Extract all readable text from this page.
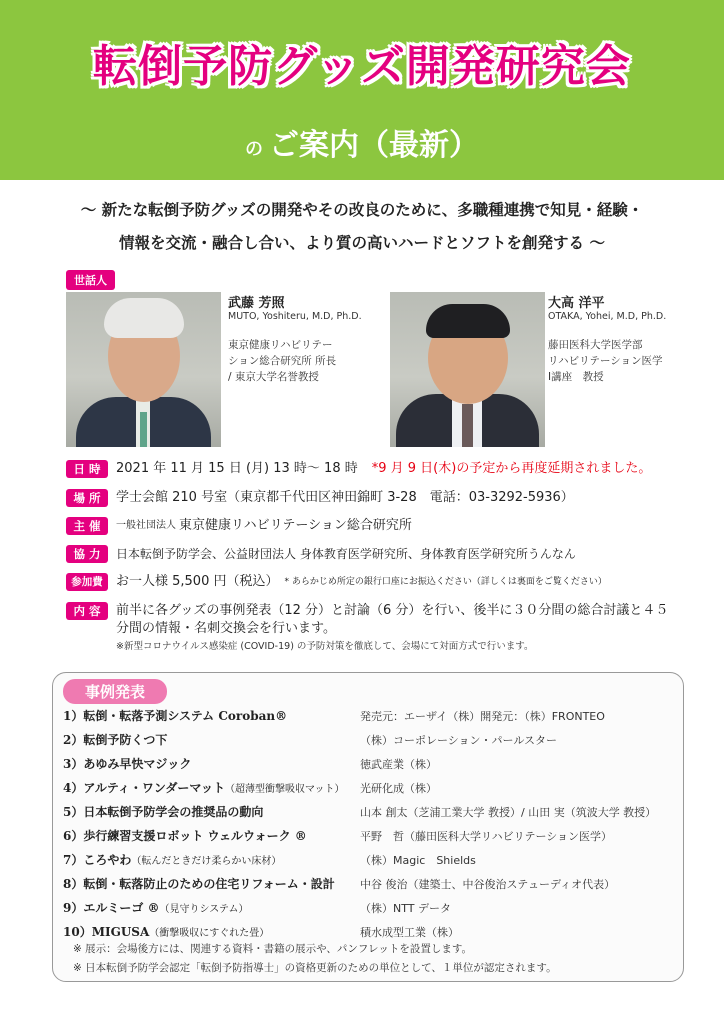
転倒予防グッズ開発研究会
の ご案内（最新）
～ 新たな転倒予防グッズの開発やその改良のために、多職種連携で知見・経験・
情報を交流・融合し合い、より質の高いハードとソフトを創発する ～
世話人
武藤 芳照
MUTO, Yoshiteru, M.D, Ph.D.
東京健康リハビリテー
ション総合研究所 所長
/ 東京大学名誉教授
大高 洋平
OTAKA, Yohei, M.D, Ph.D.
藤田医科大学医学部
リハビリテーション医学
Ⅰ講座　教授
日時 2021 年 11 月 15 日 (月) 13 時～ 18 時 *9 月 9 日(木)の予定から再度延期されました。
場所 学士会館 210 号室（東京都千代田区神田錦町 3-28　電話：03-3292-5936）
主催	一般社団法人 東京健康リハビリテーション総合研究所
協力 日本転倒予防学会、公益財団法人 身体教育医学研究所、身体教育医学研究所うんなん
参加費	お一人様 5,500 円（税込） * あらかじめ所定の銀行口座にお振込ください（詳しくは裏面をご覧ください）
内容 前半に各グッズの事例発表（12 分）と討論（6 分）を行い、後半に３０分間の総合討議と４５
分間の情報・名刺交換会を行います。
※新型コロナウイルス感染症 (COVID-19) の予防対策を徹底して、会場にて対面方式で行います。
事例発表
1）転倒・転落予測システム Coroban®	発売元：エーザイ（株）開発元：（株）FRONTEO
2）転倒予防くつ下	（株）コーポレーション・パールスター
3）あゆみ早快マジック	徳武産業（株）
4）アルティ・ワンダーマット（超薄型衝撃吸収マット） 光研化成（株）
5）日本転倒予防学会の推奨品の動向	山本 創太（芝浦工業大学 教授）/ 山田 実（筑波大学 教授）
6）歩行練習支援ロボット ウェルウォーク ®	平野　哲（藤田医科大学リハビリテーション医学）
7）ころやわ（転んだときだけ柔らかい床材）	（株）Magic　Shields
8）転倒・転落防止のための住宅リフォーム・設計 中谷 俊治（建築士、中谷俊治ステューディオ代表）
9）エルミーゴ ®（見守りシステム）	（株）NTT データ
10）MIGUSA（衝撃吸収にすぐれた畳）	積水成型工業（株）
※ 展示：会場後方には、関連する資料・書籍の展示や、パンフレットを設置します。
※ 日本転倒予防学会認定「転倒予防指導士」の資格更新のための単位として、１単位が認定されます。
